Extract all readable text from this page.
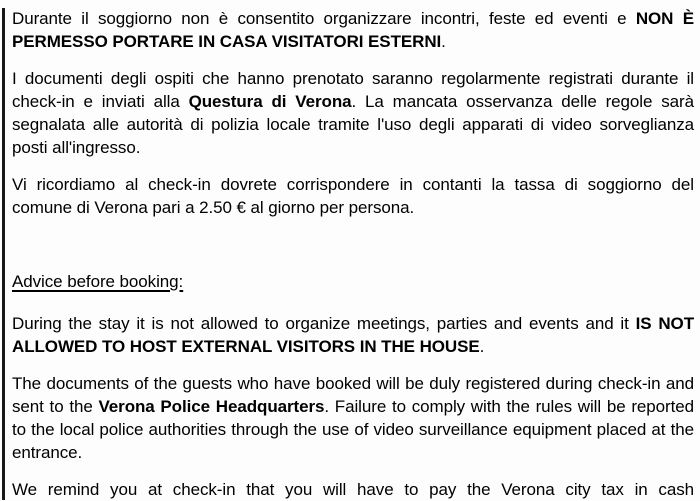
Durante il soggiorno non è consentito organizzare incontri, feste ed eventi e NON È PERMESSO PORTARE IN CASA VISITATORI ESTERNI.

I documenti degli ospiti che hanno prenotato saranno regolarmente registrati durante il check-in e inviati alla Questura di Verona. La mancata osservanza delle regole sarà segnalata alle autorità di polizia locale tramite l'uso degli apparati di video sorveglianza posti all'ingresso.

Vi ricordiamo al check-in dovrete corrispondere in contanti la tassa di soggiorno del comune di Verona pari a 2.50 € al giorno per persona.

Advice before booking:

During the stay it is not allowed to organize meetings, parties and events and it IS NOT ALLOWED TO HOST EXTERNAL VISITORS IN THE HOUSE.

The documents of the guests who have booked will be duly registered during check-in and sent to the Verona Police Headquarters. Failure to comply with the rules will be reported to the local police authorities through the use of video surveillance equipment placed at the entrance.

We remind you at check-in that you will have to pay the Verona city tax in cash
